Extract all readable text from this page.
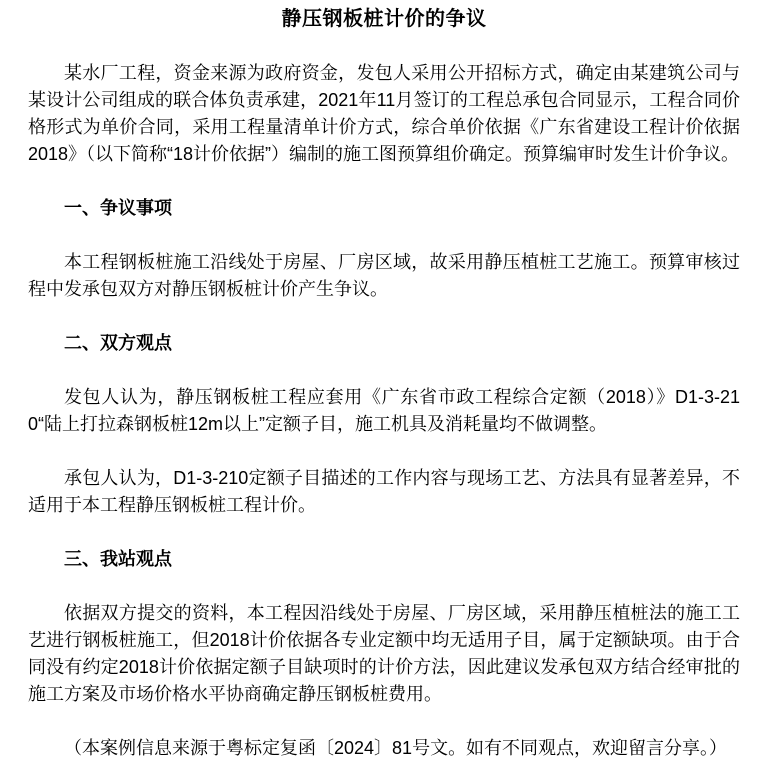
静压钢板桩计价的争议

某水厂工程，资金来源为政府资金，发包人采用公开招标方式，确定由某建筑公司与某设计公司组成的联合体负责承建，2021年11月签订的工程总承包合同显示，工程合同价格形式为单价合同，采用工程量清单计价方式，综合单价依据《广东省建设工程计价依据 2018》（以下简称“18计价依据”）编制的施工图预算组价确定。预算编审时发生计价争议。

一、争议事项

本工程钢板桩施工沿线处于房屋、厂房区域，故采用静压植桩工艺施工。预算审核过程中发承包双方对静压钢板桩计价产生争议。

二、双方观点

发包人认为，静压钢板桩工程应套用《广东省市政工程综合定额（2018）》D1-3-210“陆上打拉森钢板桩12m以上”定额子目，施工机具及消耗量均不做调整。

承包人认为，D1-3-210定额子目描述的工作内容与现场工艺、方法具有显著差异，不适用于本工程静压钢板桩工程计价。

三、我站观点

依据双方提交的资料，本工程因沿线处于房屋、厂房区域，采用静压植桩法的施工工艺进行钢板桩施工，但2018计价依据各专业定额中均无适用子目，属于定额缺项。由于合同没有约定2018计价依据定额子目缺项时的计价方法，因此建议发承包双方结合经审批的施工方案及市场价格水平协商确定静压钢板桩费用。

（本案例信息来源于粤标定复函〔2024〕81号文。如有不同观点，欢迎留言分享。）
